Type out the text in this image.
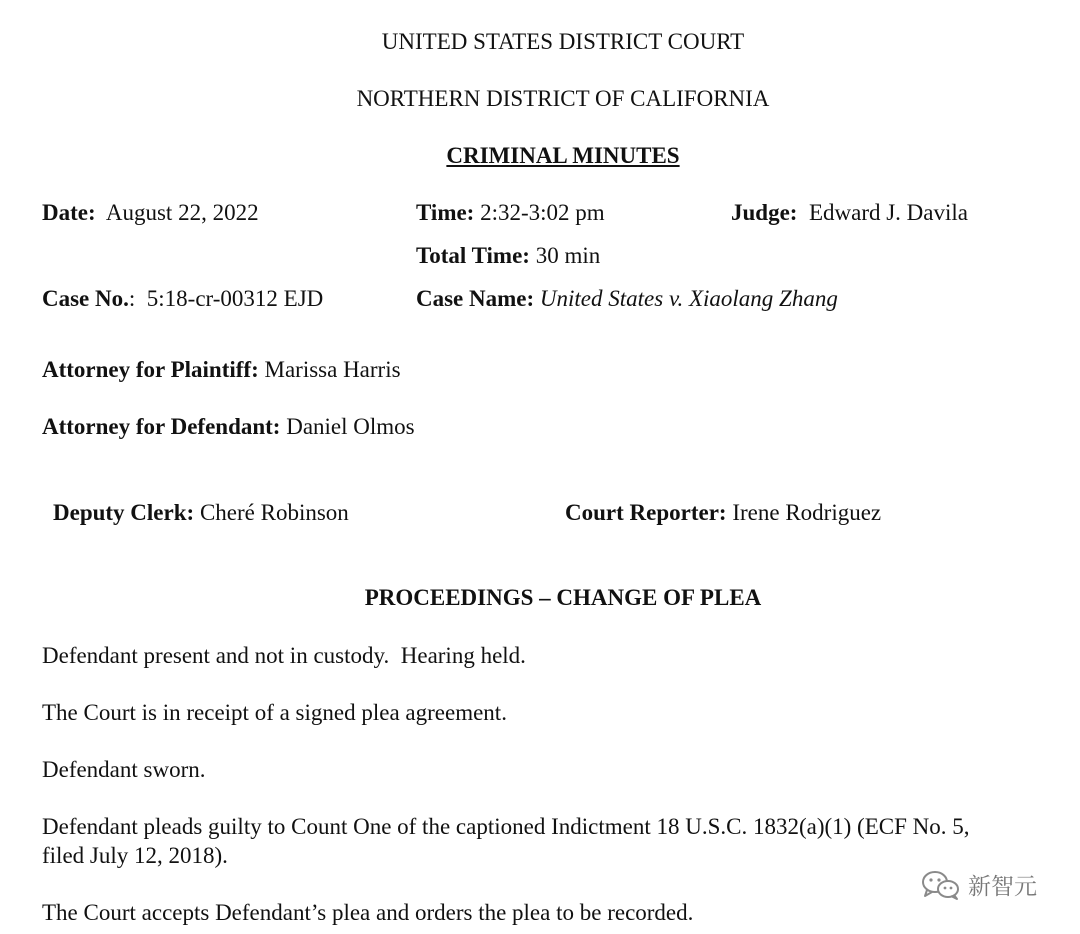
UNITED STATES DISTRICT COURT
NORTHERN DISTRICT OF CALIFORNIA
CRIMINAL MINUTES
Date: August 22, 2022	Time: 2:32-3:02 pm	Judge: Edward J. Davila
Total Time: 30 min
Case No.:  5:18-cr-00312 EJD	Case Name: United States v. Xiaolang Zhang
Attorney for Plaintiff: Marissa Harris
Attorney for Defendant: Daniel Olmos
Deputy Clerk: Cheré Robinson	Court Reporter: Irene Rodriguez
PROCEEDINGS – CHANGE OF PLEA
Defendant present and not in custody.  Hearing held.
The Court is in receipt of a signed plea agreement.
Defendant sworn.
Defendant pleads guilty to Count One of the captioned Indictment 18 U.S.C. 1832(a)(1) (ECF No. 5,
filed July 12, 2018).
The Court accepts Defendant’s plea and orders the plea to be recorded.
新智元
